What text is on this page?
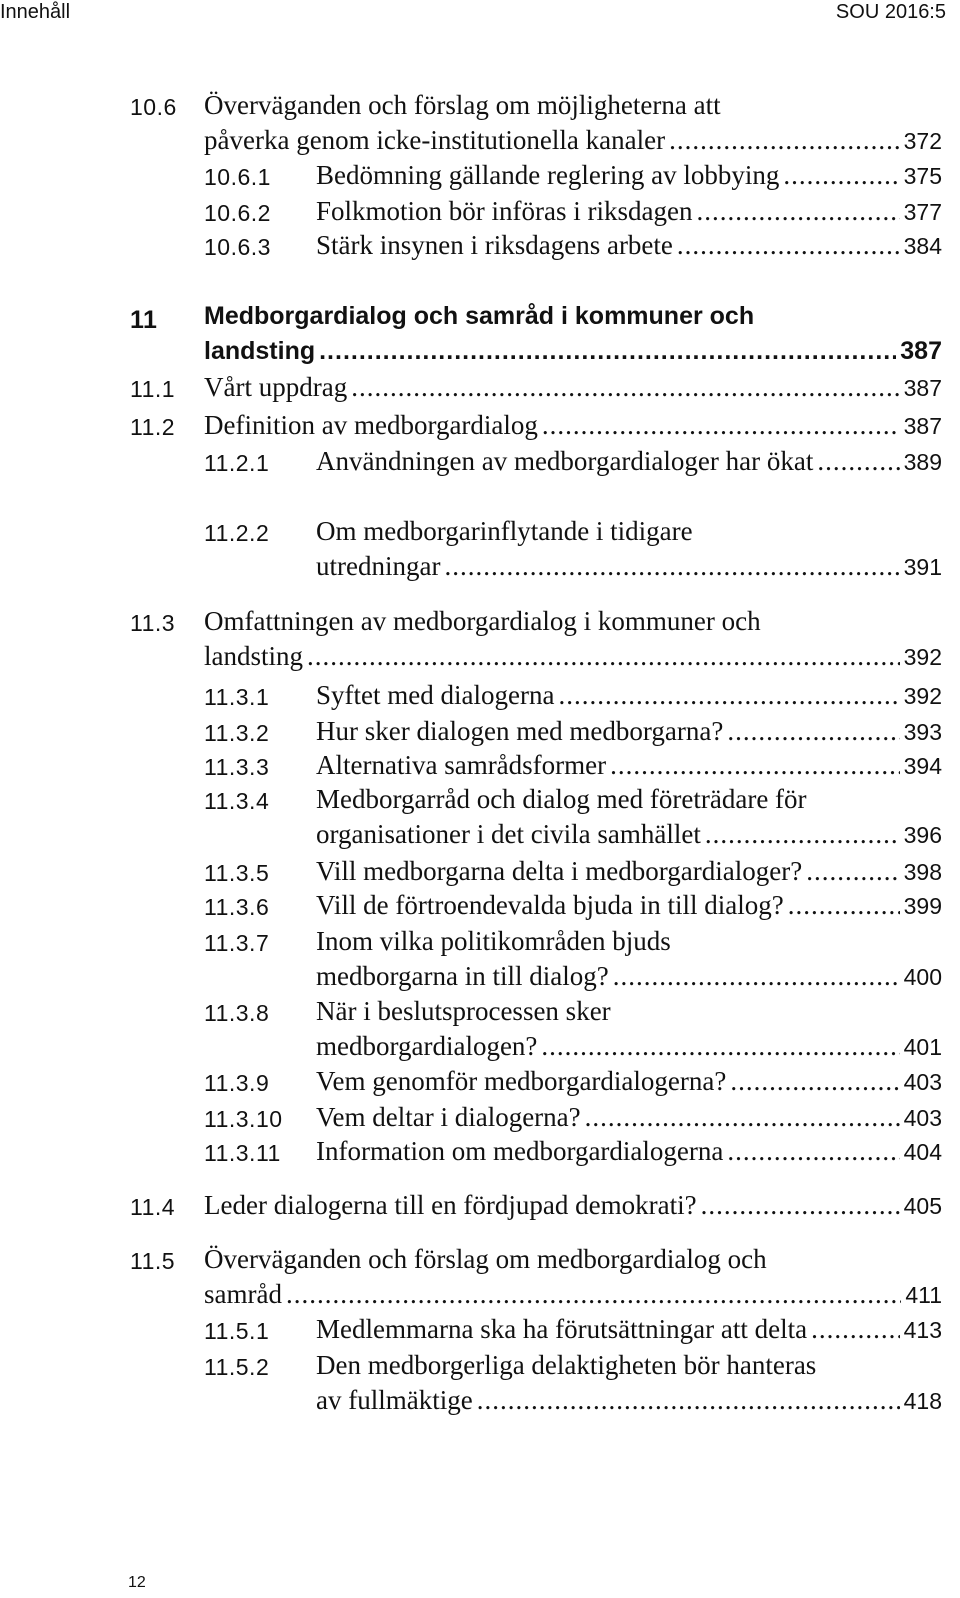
Innehåll	SOU 2016:5
10.6 Överväganden och förslag om möjligheterna att
påverka genom icke-institutionella kanaler .....	372
10.6.1 Bedömning gällande reglering av lobbying .....	375
10.6.2 Folkmotion bör införas i riksdagen .....	377
10.6.3 Stärk insynen i riksdagens arbete .....	384
11 Medborgardialog och samråd i kommuner och
landsting .....	387
11.1 Vårt uppdrag .....	387
11.2 Definition av medborgardialog .....	387
11.2.1 Användningen av medborgardialoger har ökat .....	389
11.2.2 Om medborgarinflytande i tidigare
utredningar .....	391
11.3 Omfattningen av medborgardialog i kommuner och
landsting .....	392
11.3.1 Syftet med dialogerna .....	392
11.3.2 Hur sker dialogen med medborgarna? .....	393
11.3.3 Alternativa samrådsformer .....	394
11.3.4 Medborgarråd och dialog med företrädare för
organisationer i det civila samhället .....	396
11.3.5 Vill medborgarna delta i medborgardialoger? .....	398
11.3.6 Vill de förtroendevalda bjuda in till dialog? .....	399
11.3.7 Inom vilka politikområden bjuds
medborgarna in till dialog? .....	400
11.3.8 När i beslutsprocessen sker
medborgardialogen? .....	401
11.3.9 Vem genomför medborgardialogerna? .....	403
11.3.10 Vem deltar i dialogerna? .....	403
11.3.11 Information om medborgardialogerna .....	404
11.4 Leder dialogerna till en fördjupad demokrati? .....	405
11.5 Överväganden och förslag om medborgardialog och
samråd .....	411
11.5.1 Medlemmarna ska ha förutsättningar att delta .....	413
11.5.2 Den medborgerliga delaktigheten bör hanteras
av fullmäktige .....	418
12
